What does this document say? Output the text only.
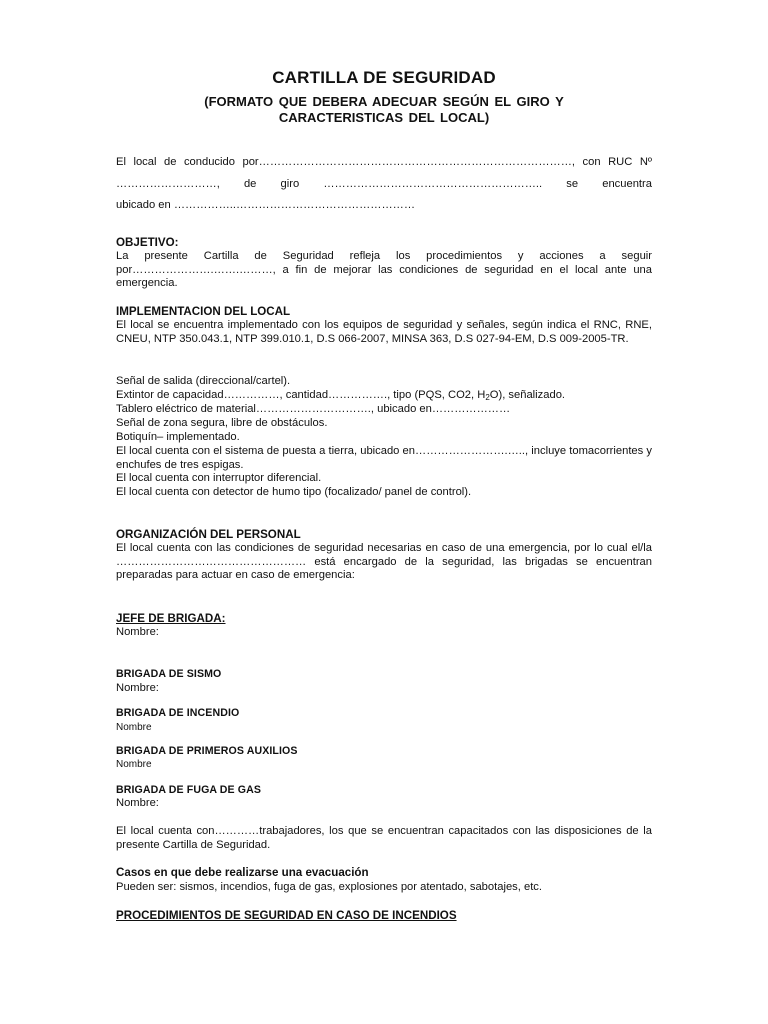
CARTILLA DE SEGURIDAD
(FORMATO QUE DEBERA ADECUAR SEGÚN EL GIRO Y CARACTERISTICAS DEL LOCAL)
El local de conducido por…………………………………………………………………………, con RUC Nº
………………………, de giro ………………………………………………….. se encuentra
ubicado en ……………..…………………………………………
OBJETIVO:
La presente Cartilla de Seguridad refleja los procedimientos y acciones a seguir por………………….…….………, a fin de mejorar las condiciones de seguridad en el local ante una emergencia.
IMPLEMENTACION DEL LOCAL
El local se encuentra implementado con los equipos de seguridad y señales, según indica el RNC, RNE, CNEU, NTP 350.043.1, NTP 399.010.1, D.S 066-2007, MINSA 363, D.S 027-94-EM, D.S 009-2005-TR.
Señal de salida (direccional/cartel).
Extintor de capacidad……………, cantidad……………., tipo (PQS, CO2, $H_2O$), señalizado.
Tablero eléctrico de material…………………………., ubicado en…………………
Señal de zona segura, libre de obstáculos.
Botiquín– implementado.
El local cuenta con el sistema de puesta a tierra, ubicado en…………………….….., incluye tomacorrientes y enchufes de tres espigas.
El local cuenta con interruptor diferencial.
El local cuenta con detector de humo tipo (focalizado/ panel de control).
ORGANIZACIÓN DEL PERSONAL
El local cuenta con las condiciones de seguridad necesarias en caso de una emergencia, por lo cual el/la …………………………………………… está encargado de la seguridad, las brigadas se encuentran preparadas para actuar en caso de emergencia:
JEFE DE BRIGADA:
Nombre:
BRIGADA DE SISMO
Nombre:
BRIGADA DE INCENDIO
Nombre
BRIGADA DE PRIMEROS AUXILIOS
Nombre
BRIGADA DE FUGA DE GAS
Nombre:
El local cuenta con…………trabajadores, los que se encuentran capacitados con las disposiciones de la presente Cartilla de Seguridad.
Casos en que debe realizarse una evacuación
Pueden ser: sismos, incendios, fuga de gas, explosiones por atentado, sabotajes, etc.
PROCEDIMIENTOS DE SEGURIDAD EN CASO DE INCENDIOS
